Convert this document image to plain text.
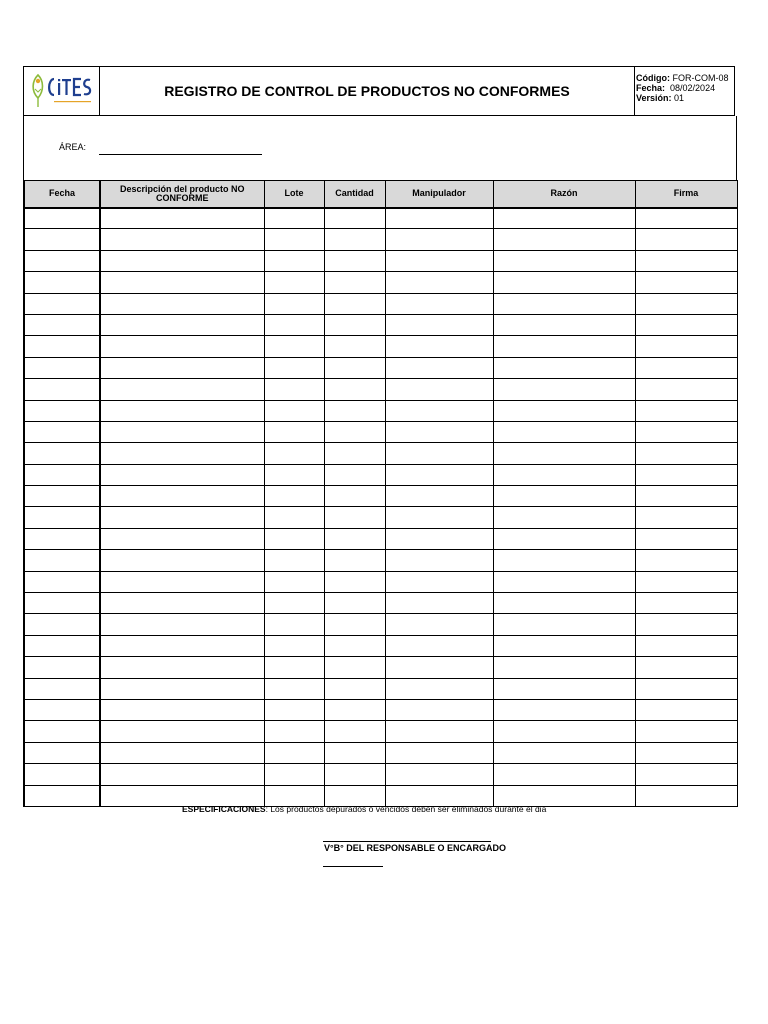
REGISTRO DE CONTROL DE PRODUCTOS NO CONFORMES
Código: FOR-COM-08
Fecha: 08/02/2024
Versión: 01
ÁREA:
Fecha	Descripción del producto NO CONFORME	Lote	Cantidad	Manipulador	Razón	Firma

ESPECIFICACIONES: Los productos depurados o vencidos deben ser eliminados durante el dia
V°B° DEL RESPONSABLE O ENCARGADO
